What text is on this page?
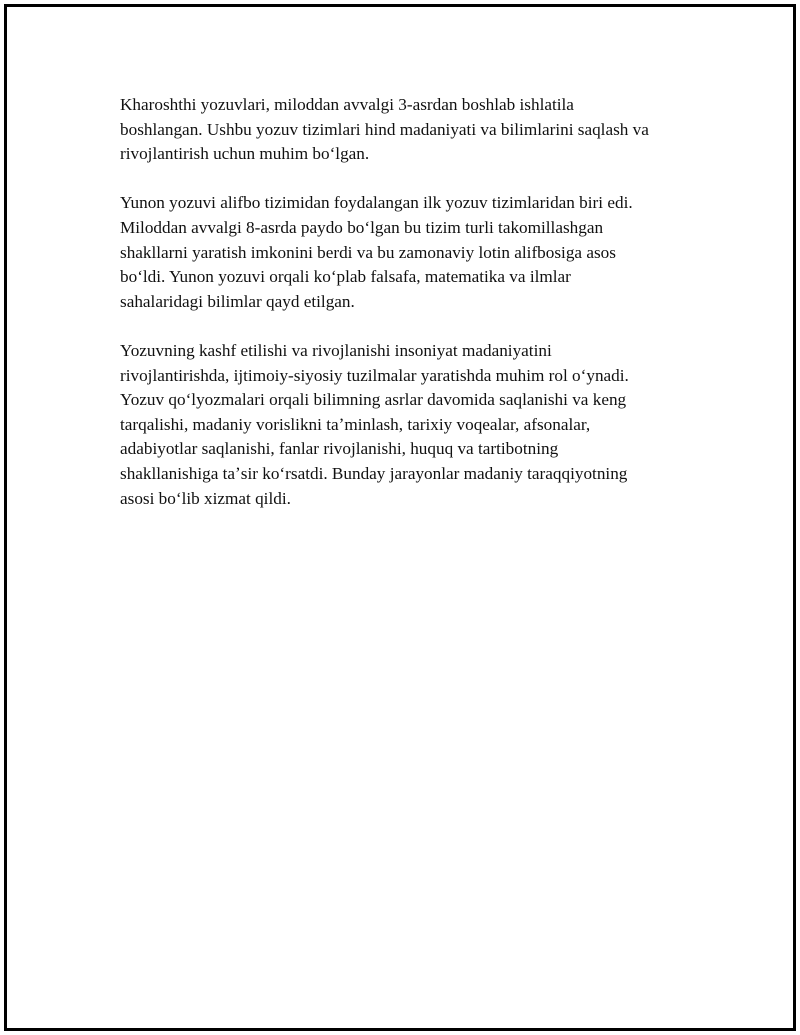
Kharoshthi yozuvlari, miloddan avvalgi 3-asrdan boshlab ishlatila
boshlangan. Ushbu yozuv tizimlari hind madaniyati va bilimlarini saqlash va
rivojlantirish uchun muhim boʻlgan.

Yunon yozuvi alifbo tizimidan foydalangan ilk yozuv tizimlaridan biri edi.
Miloddan avvalgi 8-asrda paydo boʻlgan bu tizim turli takomillashgan
shakllarni yaratish imkonini berdi va bu zamonaviy lotin alifbosiga asos
boʻldi. Yunon yozuvi orqali koʻplab falsafa, matematika va ilmlar
sahalaridagi bilimlar qayd etilgan.

Yozuvning kashf etilishi va rivojlanishi insoniyat madaniyatini
rivojlantirishda, ijtimoiy-siyosiy tuzilmalar yaratishda muhim rol oʻynadi.
Yozuv qoʻlyozmalari orqali bilimning asrlar davomida saqlanishi va keng
tarqalishi, madaniy vorislikni taʼminlash, tarixiy voqealar, afsonalar,
adabiyotlar saqlanishi, fanlar rivojlanishi, huquq va tartibotning
shakllanishiga taʼsir koʻrsatdi. Bunday jarayonlar madaniy taraqqiyotning
asosi boʻlib xizmat qildi.
